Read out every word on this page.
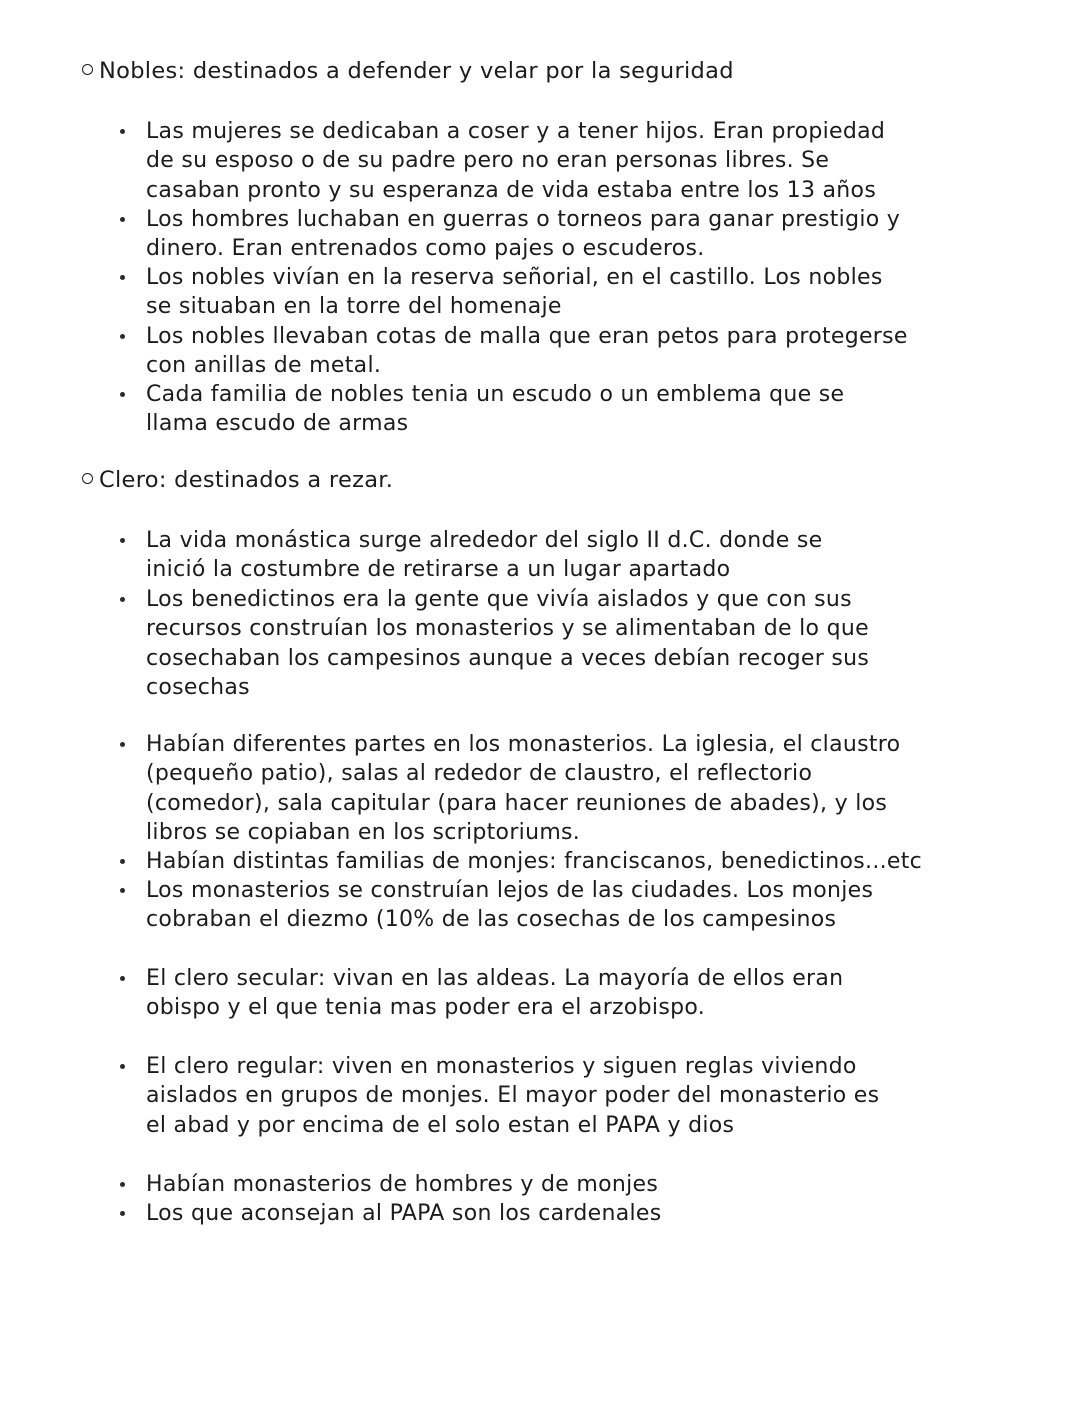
Nobles: destinados a defender y velar por la seguridad
Las mujeres se dedicaban a coser y a tener hijos. Eran propiedad
de su esposo o de su padre pero no eran personas libres. Se
casaban pronto y su esperanza de vida estaba entre los 13 años
Los hombres luchaban en guerras o torneos para ganar prestigio y
dinero. Eran entrenados como pajes o escuderos.
Los nobles vivían en la reserva señorial, en el castillo. Los nobles
se situaban en la torre del homenaje
Los nobles llevaban cotas de malla que eran petos para protegerse
con anillas de metal.
Cada familia de nobles tenia un escudo o un emblema que se
llama escudo de armas
Clero: destinados a rezar.
La vida monástica surge alrededor del siglo II d.C. donde se
inició la costumbre de retirarse a un lugar apartado
Los benedictinos era la gente que vivía aislados y que con sus
recursos construían los monasterios y se alimentaban de lo que
cosechaban los campesinos aunque a veces debían recoger sus
cosechas
Habían diferentes partes en los monasterios. La iglesia, el claustro
(pequeño patio), salas al rededor de claustro, el reflectorio
(comedor), sala capitular (para hacer reuniones de abades), y los
libros se copiaban en los scriptoriums.
Habían distintas familias de monjes: franciscanos, benedictinos...etc
Los monasterios se construían lejos de las ciudades. Los monjes
cobraban el diezmo (10% de las cosechas de los campesinos
El clero secular: vivan en las aldeas. La mayoría de ellos eran
obispo y el que tenia mas poder era el arzobispo.
El clero regular: viven en monasterios y siguen reglas viviendo
aislados en grupos de monjes. El mayor poder del monasterio es
el abad y por encima de el solo estan el PAPA y dios
Habían monasterios de hombres y de monjes
Los que aconsejan al PAPA son los cardenales
